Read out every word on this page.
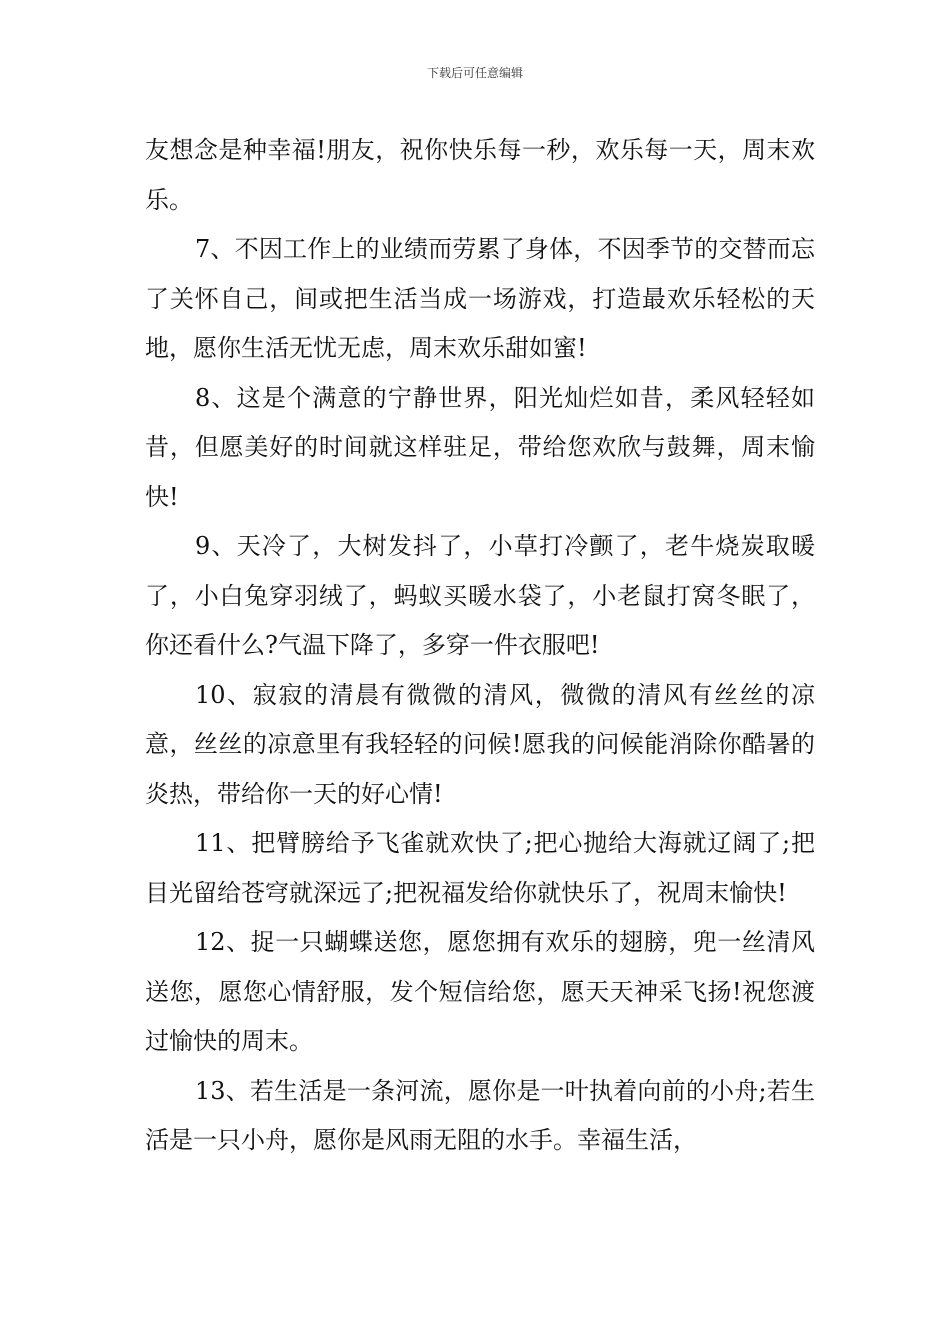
下载后可任意编辑

友想念是种幸福!朋友，祝你快乐每一秒，欢乐每一天，周末欢乐。

7、不因工作上的业绩而劳累了身体，不因季节的交替而忘了关怀自己，间或把生活当成一场游戏，打造最欢乐轻松的天地，愿你生活无忧无虑，周末欢乐甜如蜜!

8、这是个满意的宁静世界，阳光灿烂如昔，柔风轻轻如昔，但愿美好的时间就这样驻足，带给您欢欣与鼓舞，周末愉快!

9、天冷了，大树发抖了，小草打冷颤了，老牛烧炭取暖了，小白兔穿羽绒了，蚂蚁买暖水袋了，小老鼠打窝冬眠了，你还看什么?气温下降了，多穿一件衣服吧!

10、寂寂的清晨有微微的清风，微微的清风有丝丝的凉意，丝丝的凉意里有我轻轻的问候!愿我的问候能消除你酷暑的炎热，带给你一天的好心情!

11、把臂膀给予飞雀就欢快了;把心抛给大海就辽阔了;把目光留给苍穹就深远了;把祝福发给你就快乐了，祝周末愉快!

12、捉一只蝴蝶送您，愿您拥有欢乐的翅膀，兜一丝清风送您，愿您心情舒服，发个短信给您，愿天天神采飞扬!祝您渡过愉快的周末。

13、若生活是一条河流，愿你是一叶执着向前的小舟;若生活是一只小舟，愿你是风雨无阻的水手。幸福生活，
